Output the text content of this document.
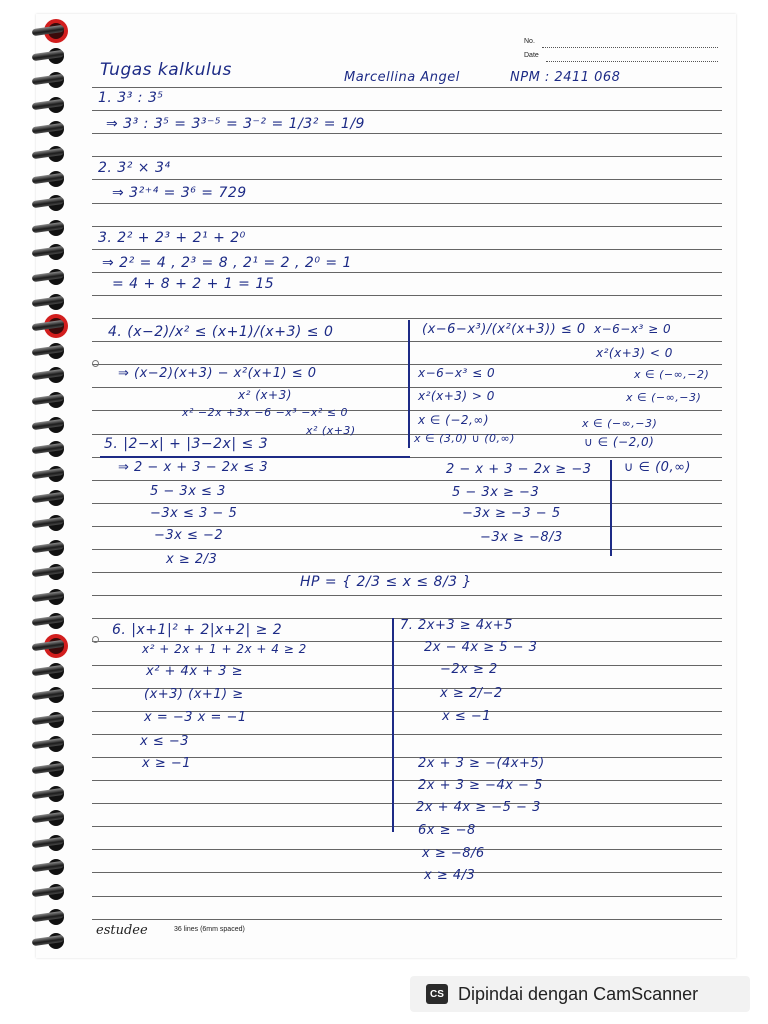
No.
Date
Tugas kalkulus	Marcellina Angel	NPM : 2411 068
1. 3³ : 3⁵
⇒ 3³ : 3⁵ = 3³⁻⁵ = 3⁻² = 1/3² = 1/9
2. 3² × 3⁴
⇒ 3²⁺⁴ = 3⁶ = 729
3. 2² + 2³ + 2¹ + 2⁰
⇒ 2² = 4 , 2³ = 8 , 2¹ = 2 , 2⁰ = 1
= 4 + 8 + 2 + 1 = 15
4. (x−2)/x² ≤ (x+1)/(x+3) ≤ 0
⇒ (x−2)(x+3) − x²(x+1) ≤ 0
x² (x+3)
x² −2x +3x −6 −x³ −x² ≤ 0
x² (x+3)
(x−6−x³)/(x²(x+3)) ≤ 0
x−6−x³ ≤ 0
x²(x+3) > 0
x ∈ (−2,∞)
x ∈ (3,0) ∪ (0,∞)
x−6−x³ ≥ 0
x²(x+3) < 0
x ∈ (−∞,−2)
x ∈ (−∞,−3)
x ∈ (−∞,−3)
∪ ∈ (−2,0)
5. |2−x| + |3−2x| ≤ 3
⇒ 2 − x + 3 − 2x ≤ 3
5 − 3x ≤ 3
−3x ≤ 3 − 5
−3x ≤ −2
x ≥ 2/3
2 − x + 3 − 2x ≥ −3
5 − 3x ≥ −3
−3x ≥ −3 − 5
−3x ≥ −8/3
∪ ∈ (0,∞)
HP = { 2/3 ≤ x ≤ 8/3 }
6. |x+1|² + 2|x+2| ≥ 2
x² + 2x + 1 + 2x + 4 ≥ 2
x² + 4x + 3 ≥
(x+3) (x+1) ≥
x = −3 x = −1
x ≤ −3
x ≥ −1
7. 2x+3 ≥ 4x+5
2x − 4x ≥ 5 − 3
−2x ≥ 2
x ≥ 2/−2
x ≤ −1
2x + 3 ≥ −(4x+5)
2x + 3 ≥ −4x − 5
2x + 4x ≥ −5 − 3
6x ≥ −8
x ≥ −8/6
x ≥ 4/3
estudee	36 lines (6mm spaced)
CS Dipindai dengan CamScanner
